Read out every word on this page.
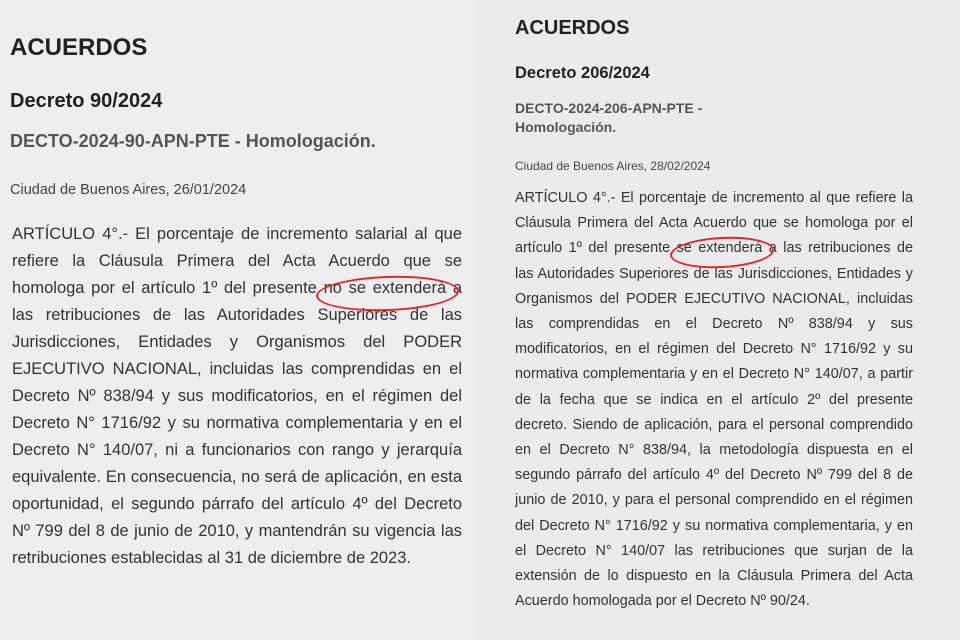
ACUERDOS
Decreto 90/2024
DECTO-2024-90-APN-PTE - Homologación.

Ciudad de Buenos Aires, 26/01/2024

ARTÍCULO 4°.- El porcentaje de incremento salarial al que refiere la Cláusula Primera del Acta Acuerdo que se homologa por el artículo 1º del presente no se extenderá
a las retribuciones de las Autoridades Superiores de las Jurisdicciones, Entidades y Organismos del PODER EJECUTIVO NACIONAL, incluidas las comprendidas en el Decreto Nº 838/94 y sus modificatorios, en el régimen del Decreto N° 1716/92 y su normativa complementaria y en el Decreto N° 140/07, ni a funcionarios con rango y jerarquía equivalente. En consecuencia, no será de aplicación, en esta oportunidad, el segundo párrafo del artículo 4º del Decreto Nº 799 del 8 de junio de 2010, y mantendrán su vigencia las retribuciones establecidas al 31 de diciembre de 2023.

ACUERDOS
Decreto 206/2024
DECTO-2024-206-APN-PTE - Homologación.

Ciudad de Buenos Aires, 28/02/2024

ARTÍCULO 4°.- El porcentaje de incremento al que refiere la Cláusula Primera del Acta Acuerdo que se homologa por el artículo 1º del presente se extenderá
a las retribuciones de las Autoridades Superiores de las Jurisdicciones, Entidades y Organismos del PODER EJECUTIVO NACIONAL, incluidas las comprendidas en el Decreto Nº 838/94 y sus modificatorios, en el régimen del Decreto N° 1716/92 y su normativa complementaria y en el Decreto N° 140/07, a partir de la fecha que se indica en el artículo 2º del presente decreto. Siendo de aplicación, para el personal comprendido en el Decreto N° 838/94, la metodología dispuesta en el segundo párrafo del artículo 4º del Decreto Nº 799 del 8 de junio de 2010, y para el personal comprendido en el régimen del Decreto N° 1716/92 y su normativa complementaria, y en el Decreto N° 140/07 las retribuciones que surjan de la extensión de lo dispuesto en la Cláusula Primera del Acta Acuerdo homologada por el Decreto Nº 90/24.
